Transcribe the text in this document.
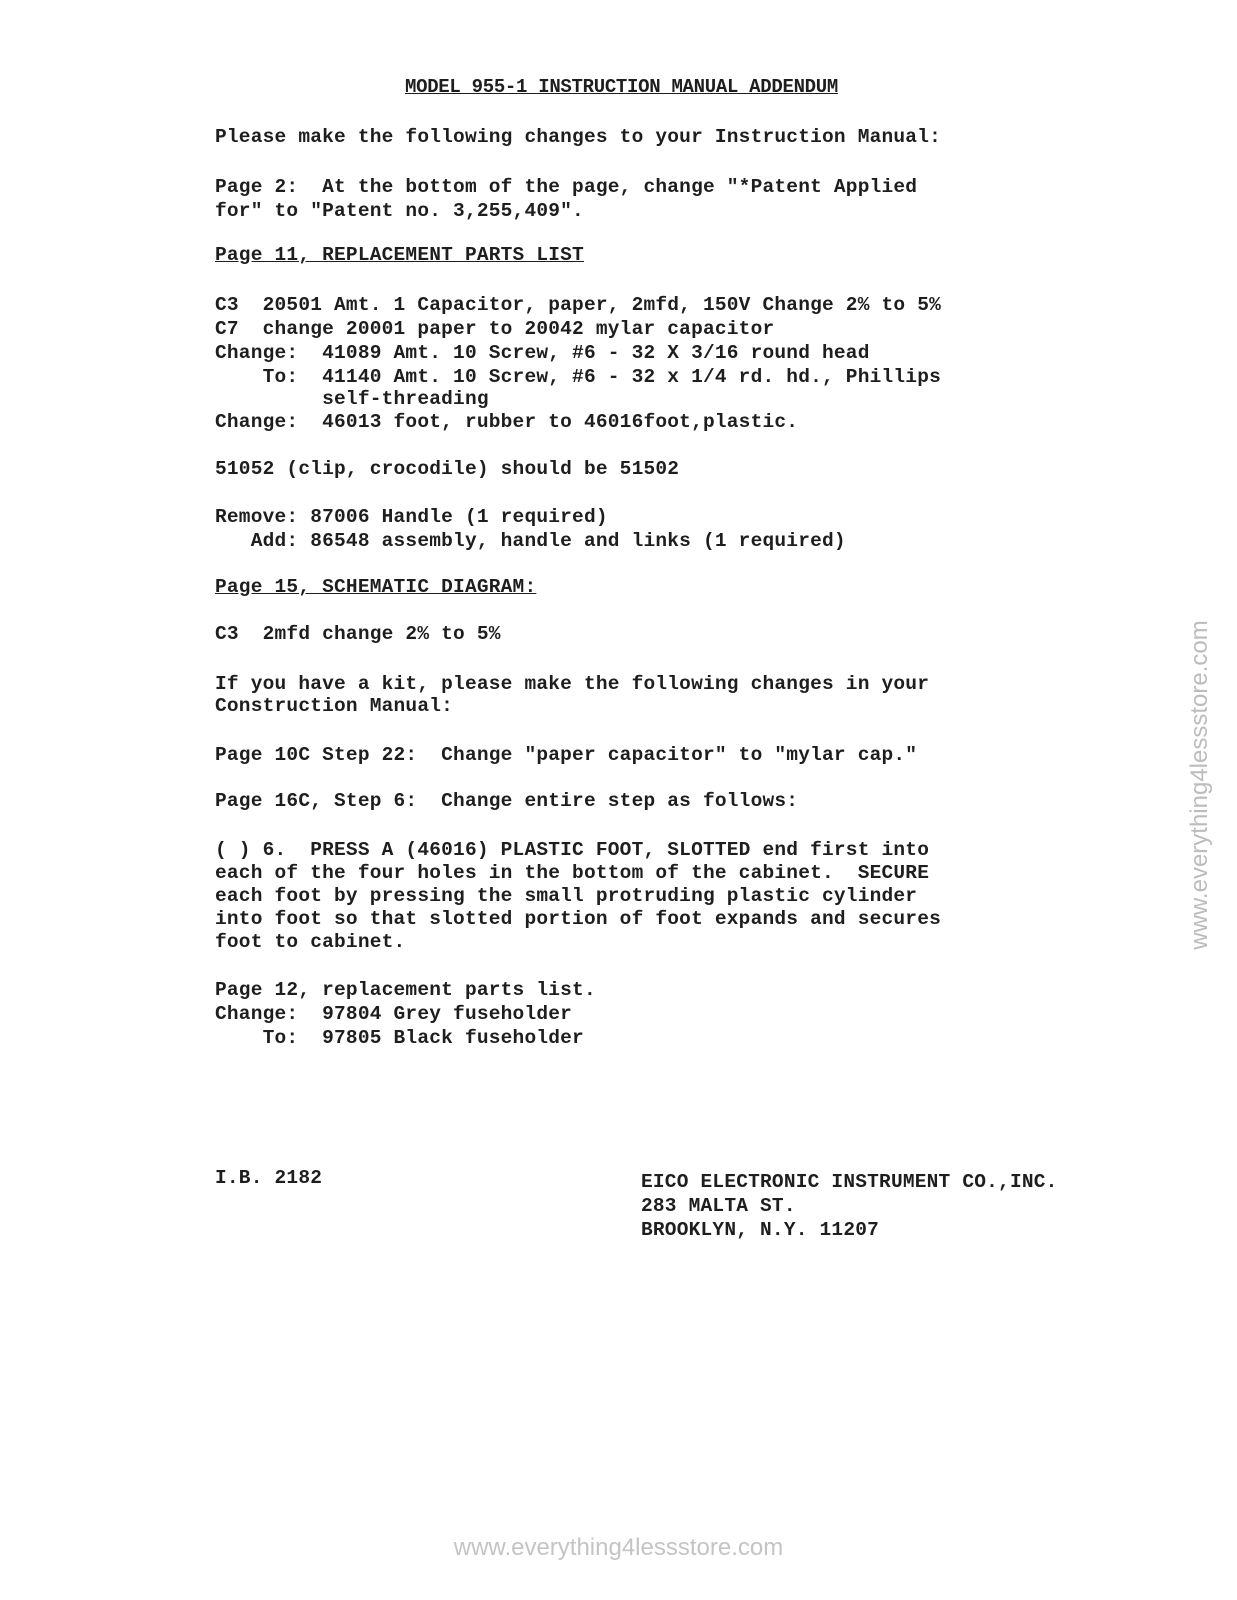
MODEL 955-1 INSTRUCTION MANUAL ADDENDUM
Please make the following changes to your Instruction Manual:
Page 2:  At the bottom of the page, change "*Patent Applied
for" to "Patent no. 3,255,409".
Page 11, REPLACEMENT PARTS LIST
C3  20501 Amt. 1 Capacitor, paper, 2mfd, 150V Change 2% to 5%
C7  change 20001 paper to 20042 mylar capacitor
Change:  41089 Amt. 10 Screw, #6 - 32 X 3/16 round head
To:  41140 Amt. 10 Screw, #6 - 32 x 1/4 rd. hd., Phillips
self-threading
Change:  46013 foot, rubber to 46016foot,plastic.
51052 (clip, crocodile) should be 51502
Remove: 87006 Handle (1 required)
Add: 86548 assembly, handle and links (1 required)
Page 15, SCHEMATIC DIAGRAM:
C3  2mfd change 2% to 5%
If you have a kit, please make the following changes in your
Construction Manual:
Page 10C Step 22:  Change "paper capacitor" to "mylar cap."
Page 16C, Step 6:  Change entire step as follows:
( ) 6.  PRESS A (46016) PLASTIC FOOT, SLOTTED end first into
each of the four holes in the bottom of the cabinet.  SECURE
each foot by pressing the small protruding plastic cylinder
into foot so that slotted portion of foot expands and secures
foot to cabinet.
Page 12, replacement parts list.
Change:  97804 Grey fuseholder
To:  97805 Black fuseholder
I.B. 2182	EICO ELECTRONIC INSTRUMENT CO.,INC.
283 MALTA ST.
BROOKLYN, N.Y. 11207
www.everything4lessstore.com
www.everything4lessstore.com
